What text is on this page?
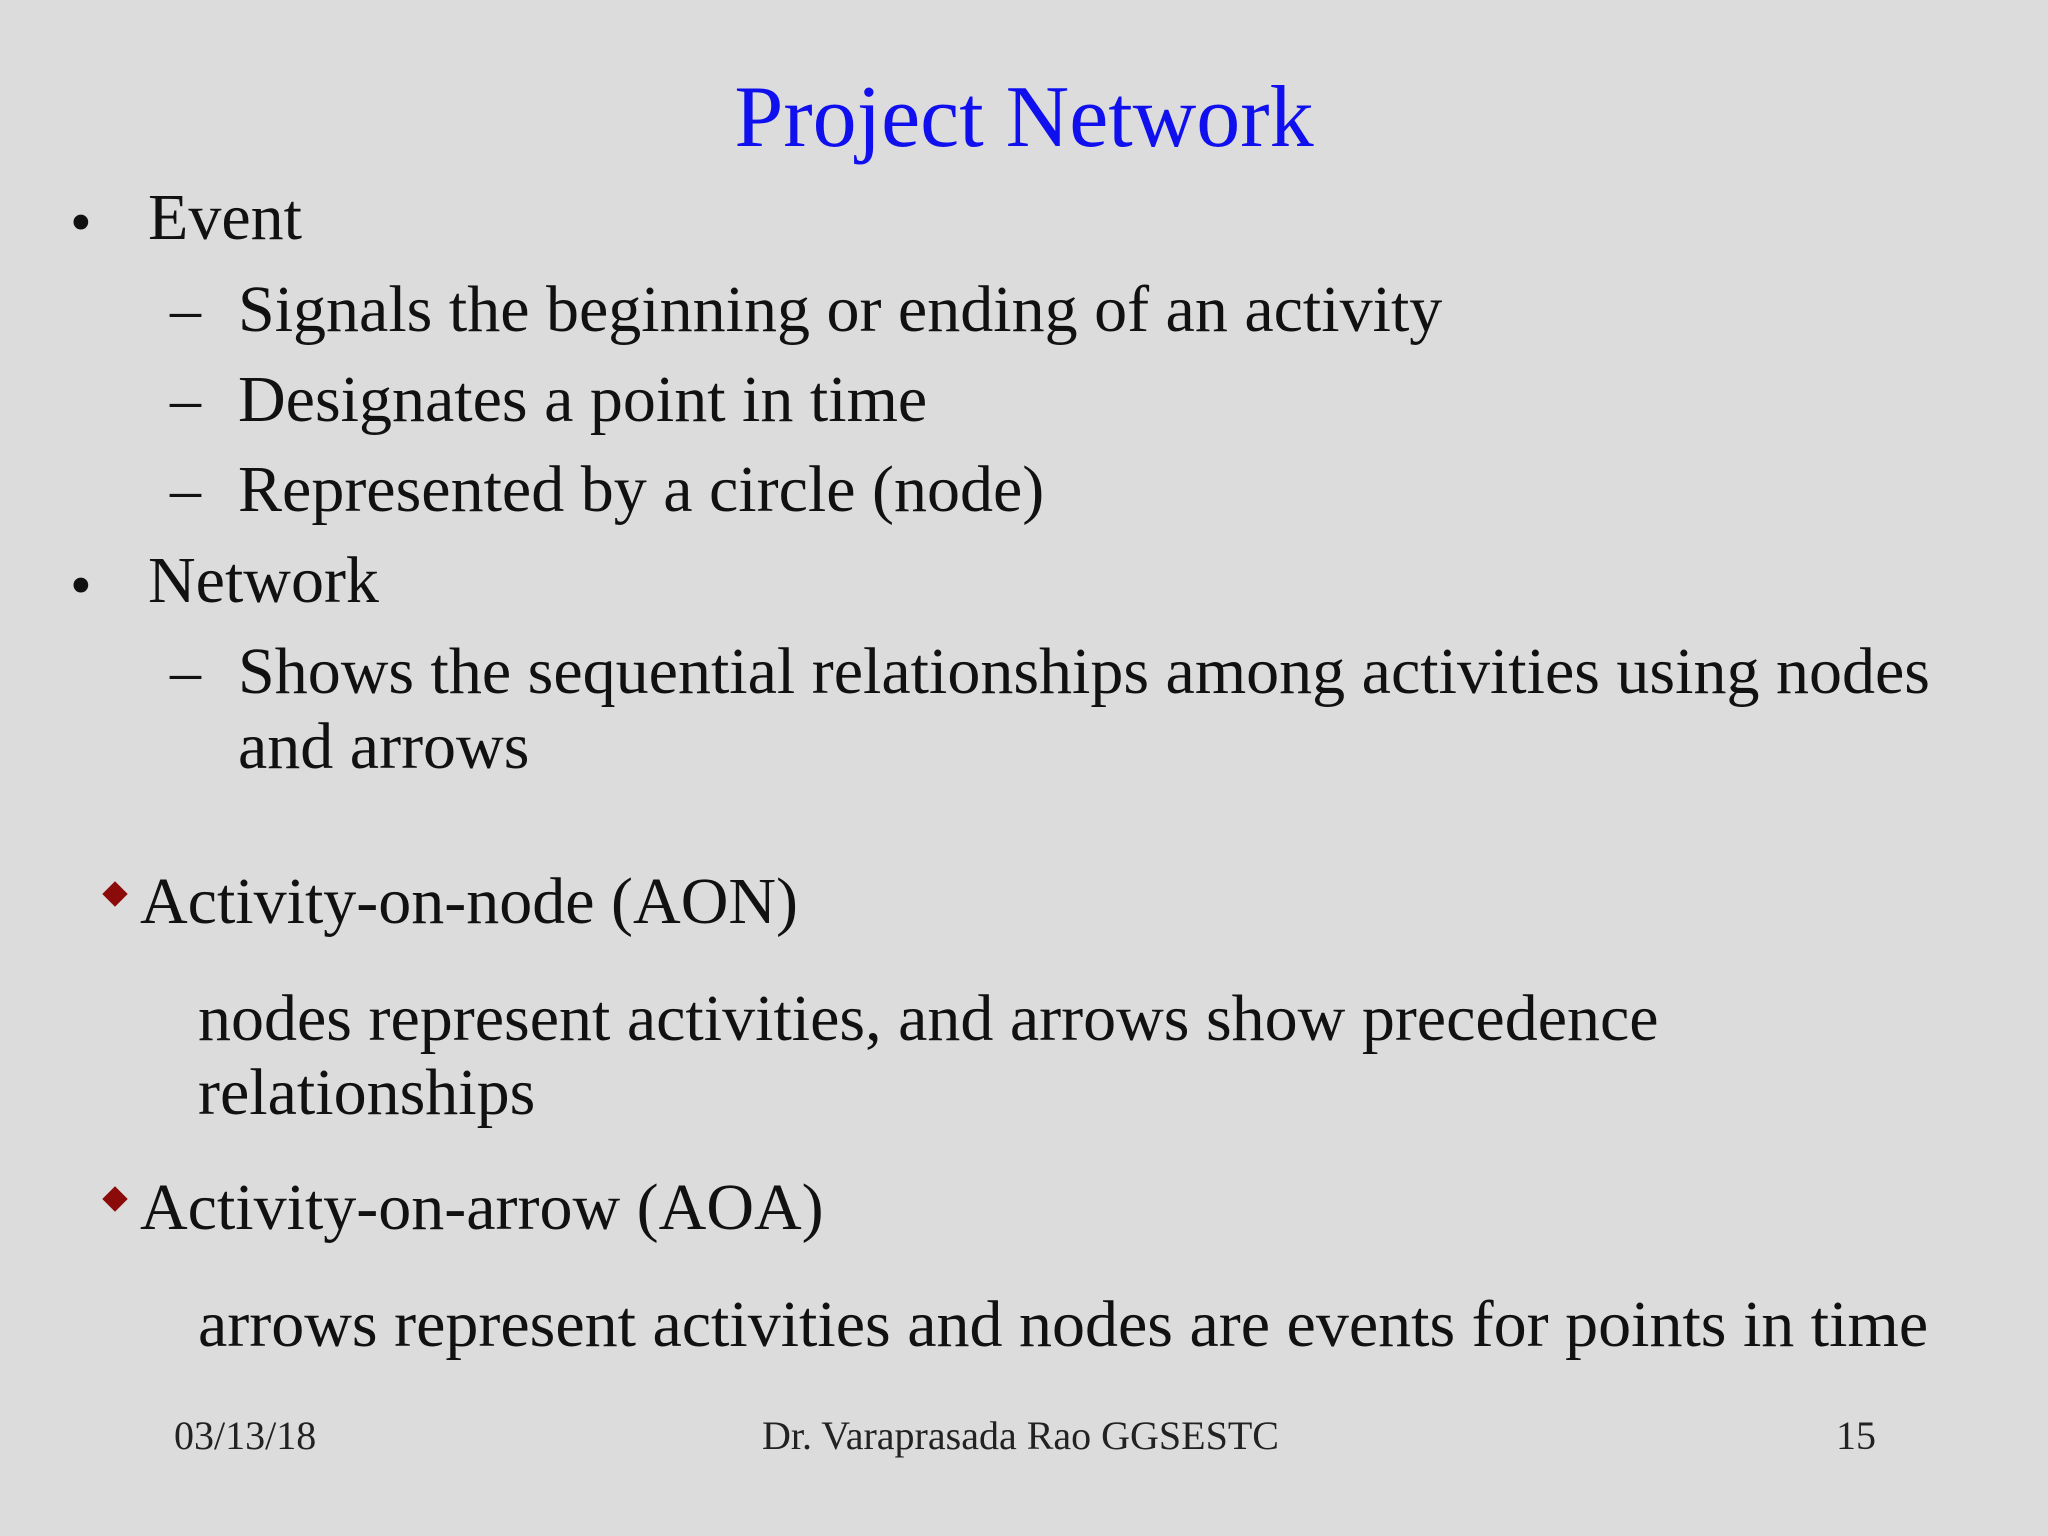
Project Network
• Event
– Signals the beginning or ending of an activity
– Designates a point in time
– Represented by a circle (node)
• Network
– Shows the sequential relationships among activities using nodes
and arrows
Activity-on-node (AON)
nodes represent activities, and arrows show precedence relationships
Activity-on-arrow (AOA)
arrows represent activities and nodes are events for points in time
03/13/18	Dr. Varaprasada Rao GGSESTC	15
